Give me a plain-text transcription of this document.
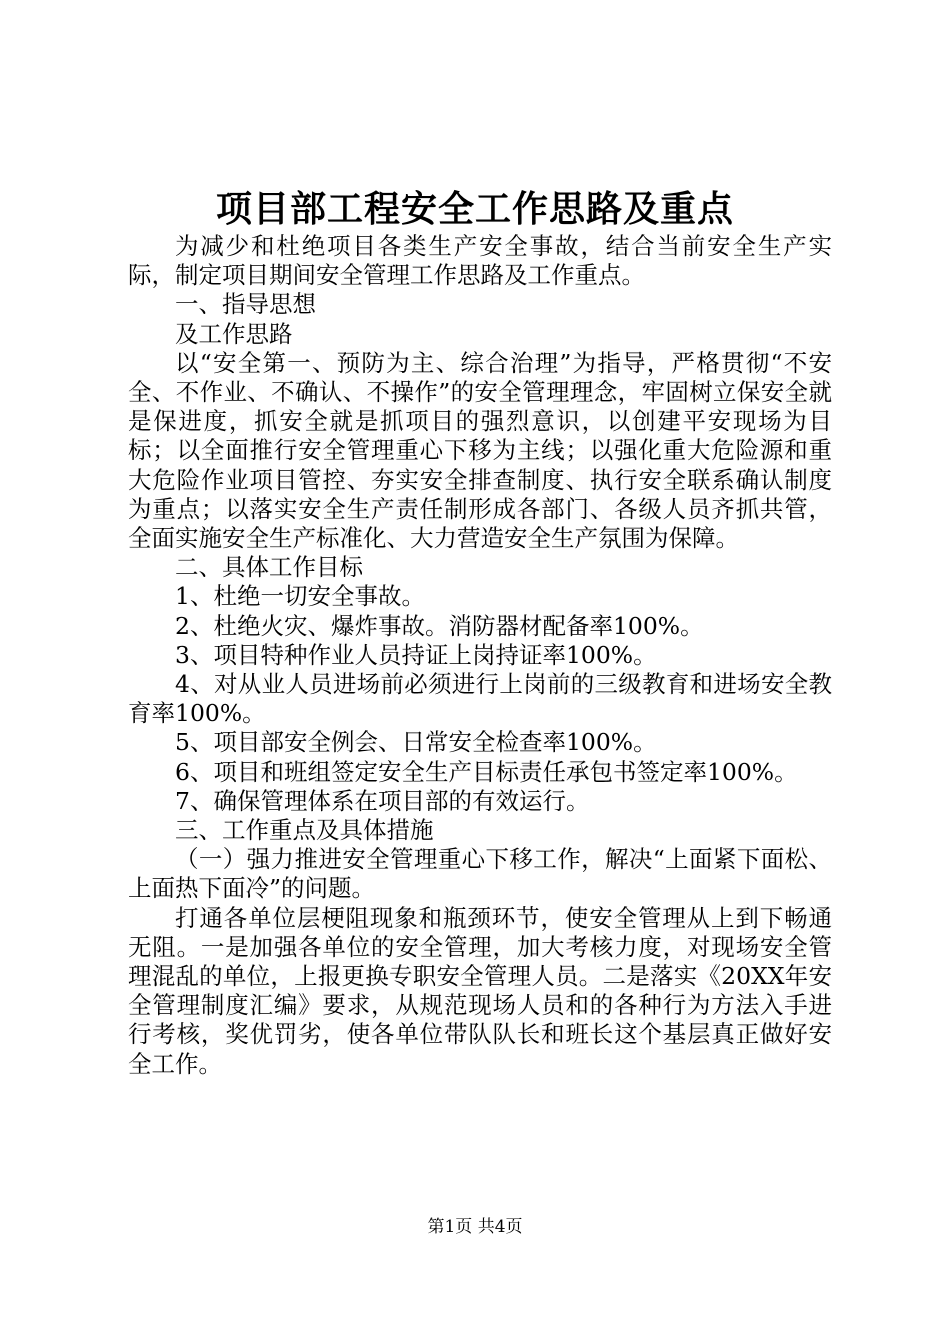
项目部工程安全工作思路及重点

为减少和杜绝项目各类生产安全事故，结合当前安全生产实际，制定项目期间安全管理工作思路及工作重点。

一、指导思想

及工作思路

以“安全第一、预防为主、综合治理”为指导，严格贯彻“不安全、不作业、不确认、不操作”的安全管理理念，牢固树立保安全就是保进度，抓安全就是抓项目的强烈意识，以创建平安现场为目标；以全面推行安全管理重心下移为主线；以强化重大危险源和重大危险作业项目管控、夯实安全排查制度、执行安全联系确认制度为重点；以落实安全生产责任制形成各部门、各级人员齐抓共管，全面实施安全生产标准化、大力营造安全生产氛围为保障。

二、具体工作目标

1、杜绝一切安全事故。

2、杜绝火灾、爆炸事故。消防器材配备率100%。

3、项目特种作业人员持证上岗持证率100%。

4、对从业人员进场前必须进行上岗前的三级教育和进场安全教育率100%。

5、项目部安全例会、日常安全检查率100%。

6、项目和班组签定安全生产目标责任承包书签定率100%。

7、确保管理体系在项目部的有效运行。

三、工作重点及具体措施

（一）强力推进安全管理重心下移工作，解决“上面紧下面松、上面热下面冷”的问题。

打通各单位层梗阻现象和瓶颈环节，使安全管理从上到下畅通无阻。一是加强各单位的安全管理，加大考核力度，对现场安全管理混乱的单位，上报更换专职安全管理人员。二是落实《20XX年安全管理制度汇编》要求，从规范现场人员和的各种行为方法入手进行考核，奖优罚劣，使各单位带队队长和班长这个基层真正做好安全工作。

第1页 共4页
